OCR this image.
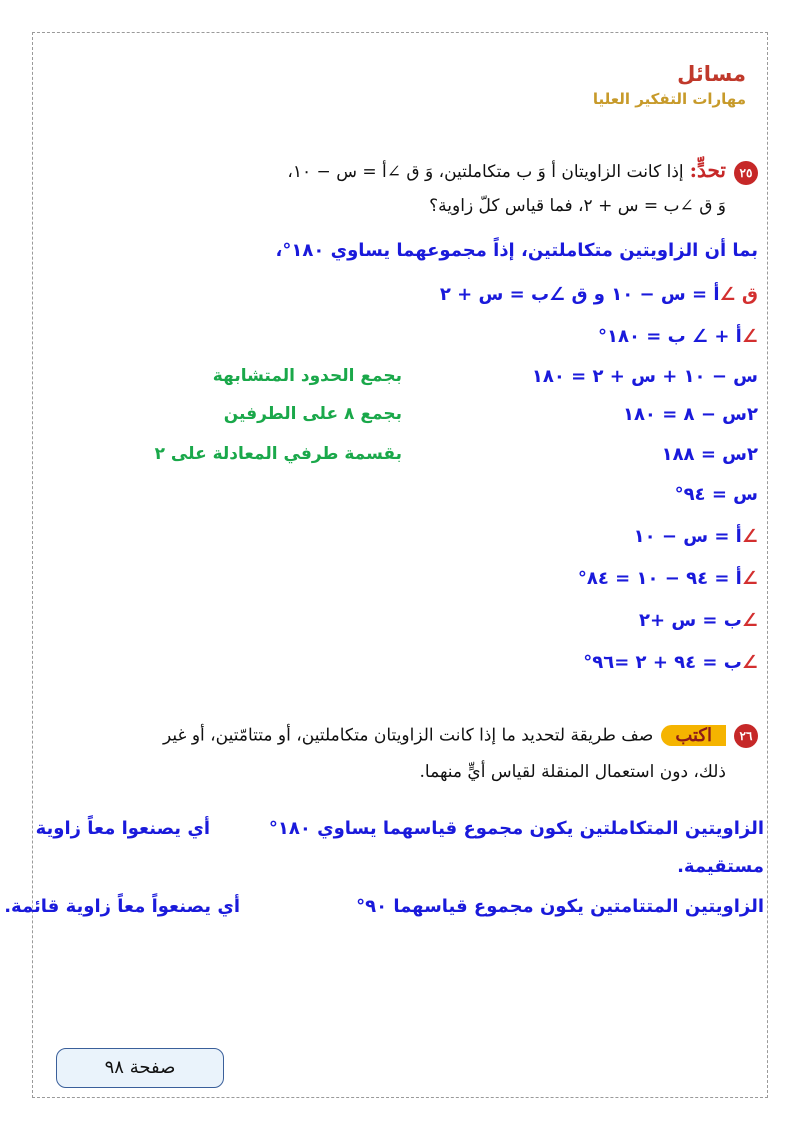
مسائل
مهارات التفكير العليا
٢٥تحدٍّ:إذا كانت الزاويتان أ وَ ب متكاملتين، وَ ق ∠أ = س − ١٠،
وَ ق ∠ب = س + ٢، فما قياس كلّ زاوية؟
بما أن الزاويتين متكاملتين، إذاً مجموعهما يساوي ١٨٠°،
ق ∠أ = س − ١٠ و ق ∠ب = س + ٢
∠أ + ∠ ب = ١٨٠°
س − ١٠ + س + ٢ = ١٨٠
٢س − ٨ = ١٨٠
٢س = ١٨٨
س = ٩٤°
∠أ = س − ١٠
∠أ = ٩٤ − ١٠ = ٨٤°
∠ب = س +٢
∠ب = ٩٤ + ٢ =٩٦°
بجمع الحدود المتشابهة
بجمع ٨ على الطرفين
بقسمة طرفي المعادلة على ٢
٢٦اكتبصف طريقة لتحديد ما إذا كانت الزاويتان متكاملتين، أو متتامّتين، أو غير
ذلك، دون استعمال المنقلة لقياس أيٍّ منهما.
الزاويتين المتكاملتين يكون مجموع قياسهما يساوي ١٨٠°
أي يصنعوا معاً زاوية
مستقيمة.
الزاويتين المتتامتين يكون مجموع قياسهما ٩٠°
أي يصنعواً معاً زاوية قائمة.
صفحة ٩٨
